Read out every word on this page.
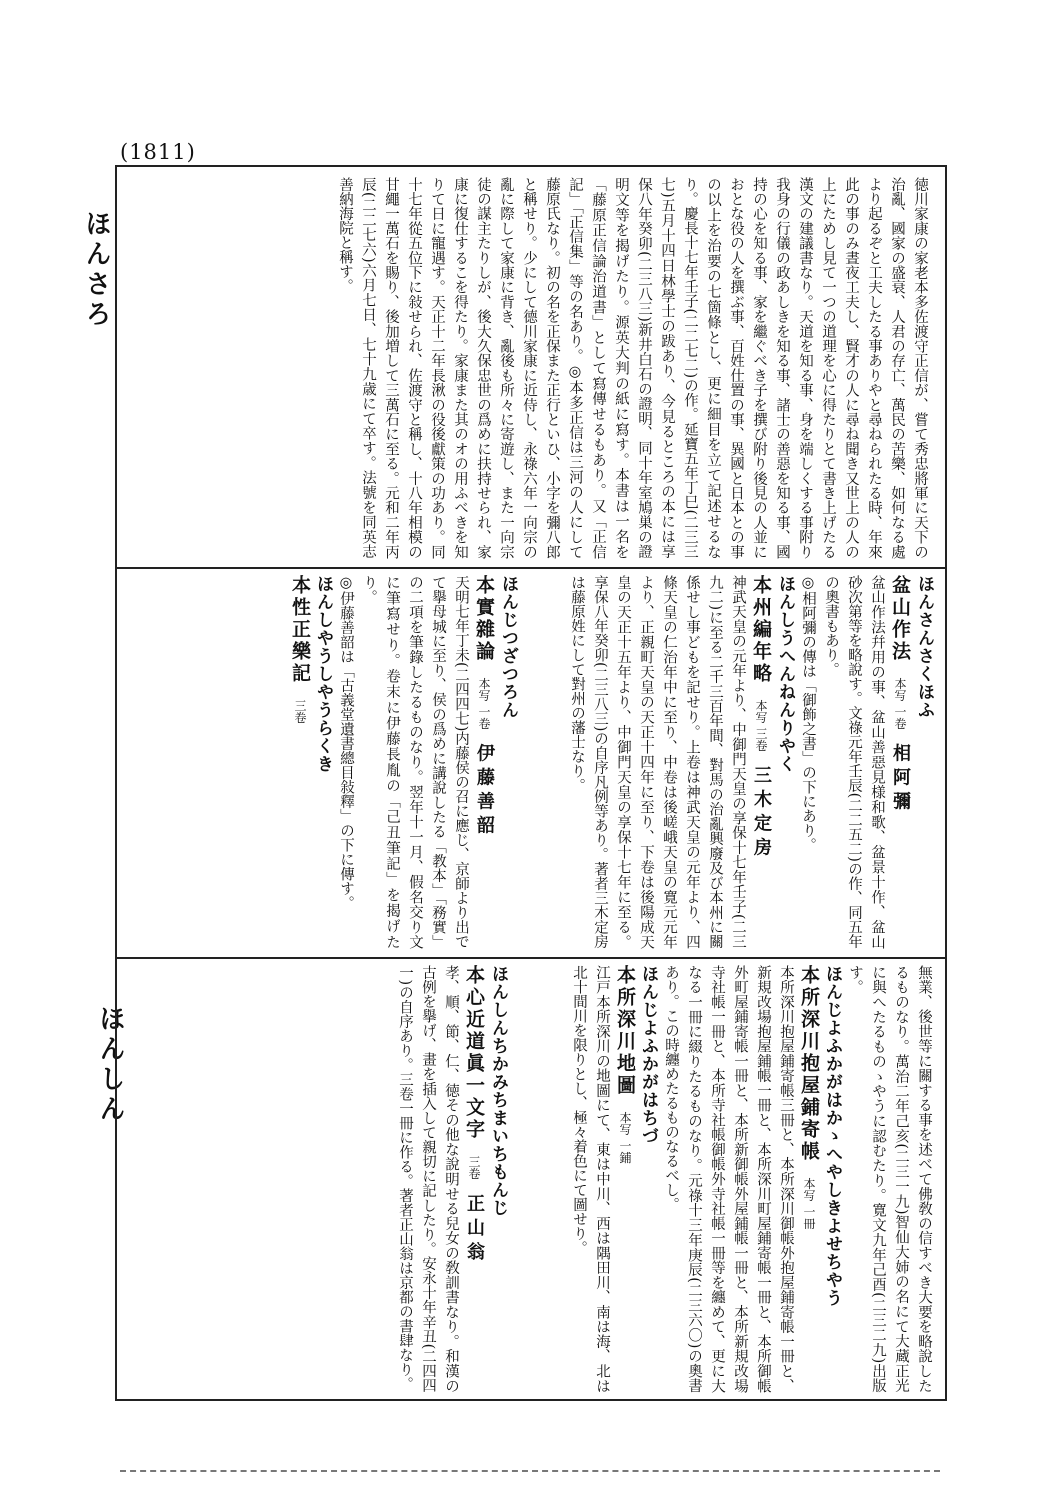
(1811)
ほんさろ
ほんしん

徳川家康の家老本多佐渡守正信が、嘗て秀忠將軍に天下の治亂、國家の盛衰、人君の存亡、萬民の苦樂、如何なる處より起るぞと工夫したる事ありやと尋ねられたる時、年來此の事のみ晝夜工夫し、賢才の人に尋ね聞き又世上の人の上にためし見て一つの道理を心に得たりとて書き上げたる漢文の建議書なり。天道を知る事、身を端しくする事附り我身の行儀の政あしきを知る事、諸士の善惡を知る事、國持の心を知る事、家を繼ぐべき子を撰び附り後見の人並におとな役の人を撰ぶ事、百姓仕置の事、異國と日本との事の以上を治要の七箇條とし、更に細目を立て記述せるなり。慶長十七年壬子(二二七二)の作。延寶五年丁巳(二三三七)五月十四日林學士の跋あり、今見るところの本には享保八年癸卯(二三八三)新井白石の證明、同十年室鳩巣の證明文等を揭げたり。源英大判の紙に寫す。本書は一名を「藤原正信論治道書」として寫傳せるもあり。又「正信記」「正信集」等の名あり。◎本多正信は三河の人にして藤原氏なり。初の名を正保また正行といひ、小字を彌八郎と稱せり。少にして德川家康に近侍し、永祿六年一向宗の亂に際して家康に背き、亂後も所々に寄遊し、また一向宗徒の謀主たりしが、後大久保忠世の爲めに扶持せられ、家康に復仕するこを得たり。家康また其のオの用ふべきを知りて日に寵遇す。天正十二年長湫の役後獻策の功あり。同十七年從五位下に敍せられ、佐渡守と稱し、十八年相模の甘繩一萬石を賜り、後加増して三萬石に至る。元和二年丙辰(二二七六)六月七日、七十九歳にて卒す。法號を同英志善納海院と稱す。

ほんさんさくほふ

盆山作法　本写 一卷　相阿彌

盆山作法幷用の事、盆山善惡見様和歌、盆景十作、盆山砂次第等を略說す。文祿元年壬辰(二二五二)の作、同五年の奧書もあり。

◎相阿彌の傳は「御飾之書」の下にあり。

ほんしうへんねんりやく

本州編年略　本写 三卷　三木定房

神武天皇の元年より、中御門天皇の享保十七年壬子(二三九二)に至る二千三百年間、對馬の治亂興廢及び本州に關係せし事どもを記せり。上卷は神武天皇の元年より、四條天皇の仁治年中に至り、中卷は後嵯峨天皇の寛元元年より、正親町天皇の天正十四年に至り、下卷は後陽成天皇の天正十五年より、中御門天皇の享保十七年に至る。享保八年癸卯(二三八三)の自序凡例等あり。著者三木定房は藤原姓にして對州の藩士なり。

ほんじつざつろん

本實雜論　本写 一卷　伊藤善韶

天明七年丁未(二四四七)内藤侯の召に應じ、京師より出でて擧母城に至り、侯の爲めに講說したる「教本」「務實」の二項を筆錄したるものなり。翌年十一月、假名交り文に筆寫せり。卷末に伊藤長胤の「己丑筆記」を揭げたり。

◎伊藤善韶は「古義堂遺書總目敍釋」の下に傳す。

ほんしやうしやうらくき

本性正樂記　三卷

無業、後世等に關する事を述べて佛敎の信すべき大要を略說したるものなり。萬治二年己亥(二三一九)智仙大姉の名にて大蔵正光に與へたるものゝやうに認むたり。寛文九年己酉(二三二九)出版す。

ほんじよふかがはかゝへやしきよせちやう

本所深川抱屋鋪寄帳　本写 一冊

本所深川抱屋鋪寄帳三冊と、本所深川御帳外抱屋鋪寄帳一冊と、新規改場抱屋鋪帳一冊と、本所深川町屋鋪寄帳一冊と、本所御帳外町屋鋪寄帳一冊と、本所新御帳外屋鋪帳一冊と、本所新規改場寺社帳一冊と、本所寺社帳御帳外寺社帳一冊等を纏めて、更に大なる一冊に綴りたるものなり。元祿十三年庚辰(二三六〇)の奧書あり。この時纏めたるものなるべし。

ほんじよふかがはちづ

本所深川地圖　本写 一鋪

江戸本所深川の地圖にて、東は中川、西は隅田川、南は海、北は北十間川を限りとし、極々着色にて圖せり。

ほんしんちかみちまいちもんじ

本心近道眞一文字　三卷　正山翁

孝、順、節、仁、徳その他な說明せる兒女の敎訓書なり。和漢の古例を擧げ、畫を插入して親切に記したり。安永十年辛丑(二四四一)の自序あり。三卷一冊に作る。著者正山翁は京都の書肆なり。
